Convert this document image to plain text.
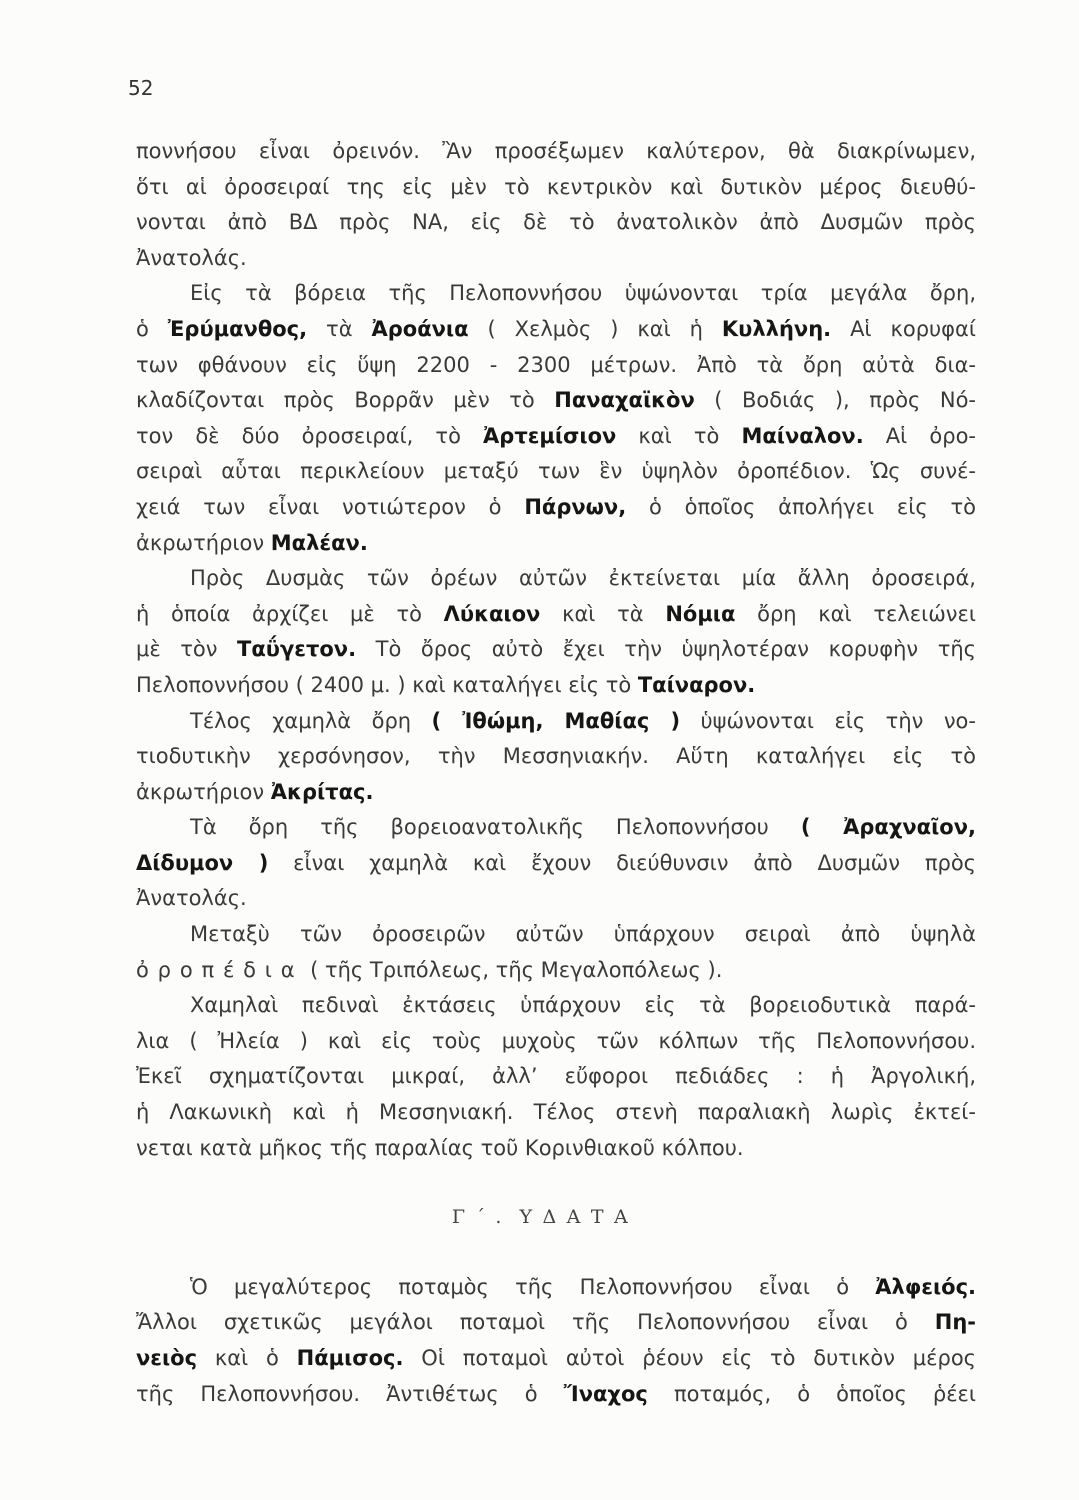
52
ποννήσου εἶναι ὀρεινόν. Ἂν προσέξωμεν καλύτερον, θὰ διακρίνωμεν,
ὅτι αἱ ὀροσειραί της εἰς μὲν τὸ κεντρικὸν καὶ δυτικὸν μέρος διευθύ-
νονται ἀπὸ ΒΔ πρὸς ΝΑ, εἰς δὲ τὸ ἀνατολικὸν ἀπὸ Δυσμῶν πρὸς
Ἀνατολάς.
Εἰς τὰ βόρεια τῆς Πελοποννήσου ὑψώνονται τρία μεγάλα ὄρη,
ὁ Ἐρύμανθος, τὰ Ἀροάνια ( Χελμὸς ) καὶ ἡ Κυλλήνη. Αἱ κορυφαί
των φθάνουν εἰς ὕψη 2200 - 2300 μέτρων. Ἀπὸ τὰ ὄρη αὐτὰ δια-
κλαδίζονται πρὸς Βορρᾶν μὲν τὸ Παναχαϊκὸν ( Βοδιάς ), πρὸς Νό-
τον δὲ δύο ὀροσειραί, τὸ Ἀρτεμίσιον καὶ τὸ Μαίναλον. Αἱ ὀρο-
σειραὶ αὗται περικλείουν μεταξύ των ἓν ὑψηλὸν ὀροπέδιον. Ὡς συνέ-
χειά των εἶναι νοτιώτερον ὁ Πάρνων, ὁ ὁποῖος ἀπολήγει εἰς τὸ
ἀκρωτήριον Μαλέαν.
Πρὸς Δυσμὰς τῶν ὀρέων αὐτῶν ἐκτείνεται μία ἄλλη ὀροσειρά,
ἡ ὁποία ἀρχίζει μὲ τὸ Λύκαιον καὶ τὰ Νόμια ὄρη καὶ τελειώνει
μὲ τὸν Ταΰγετον. Τὸ ὄρος αὐτὸ ἔχει τὴν ὑψηλοτέραν κορυφὴν τῆς
Πελοποννήσου ( 2400 μ. ) καὶ καταλήγει εἰς τὸ Ταίναρον.
Τέλος χαμηλὰ ὄρη ( Ἰθώμη, Μαθίας ) ὑψώνονται εἰς τὴν νο-
τιοδυτικὴν χερσόνησον, τὴν Μεσσηνιακήν. Αὕτη καταλήγει εἰς τὸ
ἀκρωτήριον Ἀκρίτας.
Τὰ ὄρη τῆς βορειοανατολικῆς Πελοποννήσου ( Ἀραχναῖον,
Δίδυμον ) εἶναι χαμηλὰ καὶ ἔχουν διεύθυνσιν ἀπὸ Δυσμῶν πρὸς
Ἀνατολάς.
Μεταξὺ τῶν ὀροσειρῶν αὐτῶν ὑπάρχουν σειραὶ ἀπὸ ὑψηλὰ
ὀροπέδια ( τῆς Τριπόλεως, τῆς Μεγαλοπόλεως ).
Χαμηλαὶ πεδιναὶ ἐκτάσεις ὑπάρχουν εἰς τὰ βορειοδυτικὰ παρά-
λια ( Ἠλεία ) καὶ εἰς τοὺς μυχοὺς τῶν κόλπων τῆς Πελοποννήσου.
Ἐκεῖ σχηματίζονται μικραί, ἀλλ’ εὔφοροι πεδιάδες : ἡ Ἀργολική,
ἡ Λακωνικὴ καὶ ἡ Μεσσηνιακή. Τέλος στενὴ παραλιακὴ λωρὶς ἐκτεί-
νεται κατὰ μῆκος τῆς παραλίας τοῦ Κορινθιακοῦ κόλπου.
Γ΄. ΥΔΑΤΑ
Ὁ μεγαλύτερος ποταμὸς τῆς Πελοποννήσου εἶναι ὁ Ἀλφειός.
Ἄλλοι σχετικῶς μεγάλοι ποταμοὶ τῆς Πελοποννήσου εἶναι ὁ Πη-
νειὸς καὶ ὁ Πάμισος. Οἱ ποταμοὶ αὐτοὶ ῥέουν εἰς τὸ δυτικὸν μέρος
τῆς Πελοποννήσου. Ἀντιθέτως ὁ Ἴναχος ποταμός, ὁ ὁποῖος ῥέει
